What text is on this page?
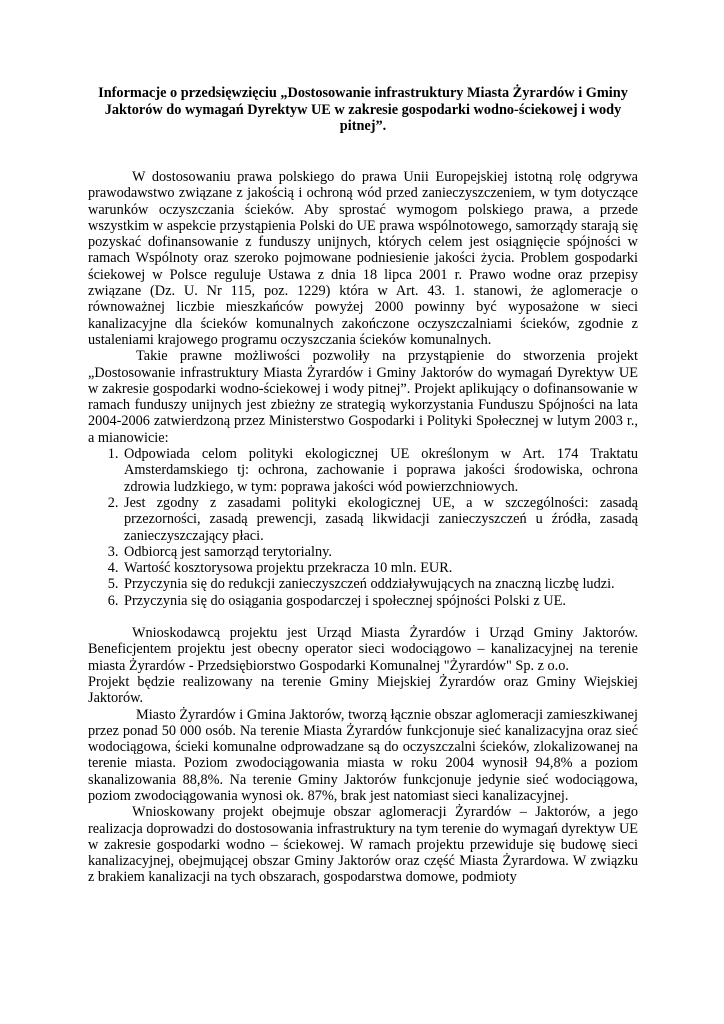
Informacje o przedsięwzięciu „Dostosowanie infrastruktury Miasta Żyrardów i Gminy Jaktorów do wymagań Dyrektyw UE w zakresie gospodarki wodno-ściekowej i wody pitnej”.

W dostosowaniu prawa polskiego do prawa Unii Europejskiej istotną rolę odgrywa prawodawstwo związane z jakością i ochroną wód przed zanieczyszczeniem, w tym dotyczące warunków oczyszczania ścieków. Aby sprostać wymogom polskiego prawa, a przede wszystkim w aspekcie przystąpienia Polski do UE prawa wspólnotowego, samorządy starają się pozyskać dofinansowanie z funduszy unijnych, których celem jest osiągnięcie spójności w ramach Wspólnoty oraz szeroko pojmowane podniesienie jakości życia. Problem gospodarki ściekowej w Polsce reguluje Ustawa z dnia 18 lipca 2001 r. Prawo wodne oraz przepisy związane (Dz. U. Nr 115, poz. 1229) która w Art. 43. 1. stanowi, że aglomeracje o równoważnej liczbie mieszkańców powyżej 2000 powinny być wyposażone w sieci kanalizacyjne dla ścieków komunalnych zakończone oczyszczalniami ścieków, zgodnie z ustaleniami krajowego programu oczyszczania ścieków komunalnych.

Takie prawne możliwości pozwoliły na przystąpienie do stworzenia projekt „Dostosowanie infrastruktury Miasta Żyrardów i Gminy Jaktorów do wymagań Dyrektyw UE w zakresie gospodarki wodno-ściekowej i wody pitnej”. Projekt aplikujący o dofinansowanie w ramach funduszy unijnych jest zbieżny ze strategią wykorzystania Funduszu Spójności na lata 2004-2006 zatwierdzoną przez Ministerstwo Gospodarki i Polityki Społecznej w lutym 2003 r., a mianowicie:

1. Odpowiada celom polityki ekologicznej UE określonym w Art. 174 Traktatu Amsterdamskiego tj: ochrona, zachowanie i poprawa jakości środowiska, ochrona zdrowia ludzkiego, w tym: poprawa jakości wód powierzchniowych.
2. Jest zgodny z zasadami polityki ekologicznej UE, a w szczególności: zasadą przezorności, zasadą prewencji, zasadą likwidacji zanieczyszczeń u źródła, zasadą zanieczyszczający płaci.
3. Odbiorcą jest samorząd terytorialny.
4. Wartość kosztorysowa projektu przekracza 10 mln. EUR.
5. Przyczynia się do redukcji zanieczyszczeń oddziaływujących na znaczną liczbę ludzi.
6. Przyczynia się do osiągania gospodarczej i społecznej spójności Polski z UE.

Wnioskodawcą projektu jest Urząd Miasta Żyrardów i Urząd Gminy Jaktorów. Beneficjentem projektu jest obecny operator sieci wodociągowo – kanalizacyjnej na terenie miasta Żyrardów - Przedsiębiorstwo Gospodarki Komunalnej "Żyrardów" Sp. z o.o.

Projekt będzie realizowany na terenie Gminy Miejskiej Żyrardów oraz Gminy Wiejskiej Jaktorów.

Miasto Żyrardów i Gmina Jaktorów, tworzą łącznie obszar aglomeracji zamieszkiwanej przez ponad 50 000 osób. Na terenie Miasta Żyrardów funkcjonuje sieć kanalizacyjna oraz sieć wodociągowa, ścieki komunalne odprowadzane są do oczyszczalni ścieków, zlokalizowanej na terenie miasta. Poziom zwodociągowania miasta w roku 2004 wynosił 94,8% a poziom skanalizowania 88,8%. Na terenie Gminy Jaktorów funkcjonuje jedynie sieć wodociągowa, poziom zwodociągowania wynosi ok. 87%, brak jest natomiast sieci kanalizacyjnej.

Wnioskowany projekt obejmuje obszar aglomeracji Żyrardów – Jaktorów, a jego realizacja doprowadzi do dostosowania infrastruktury na tym terenie do wymagań dyrektyw UE w zakresie gospodarki wodno – ściekowej. W ramach projektu przewiduje się budowę sieci kanalizacyjnej, obejmującej obszar Gminy Jaktorów oraz część Miasta Żyrardowa. W związku z brakiem kanalizacji na tych obszarach, gospodarstwa domowe, podmioty
